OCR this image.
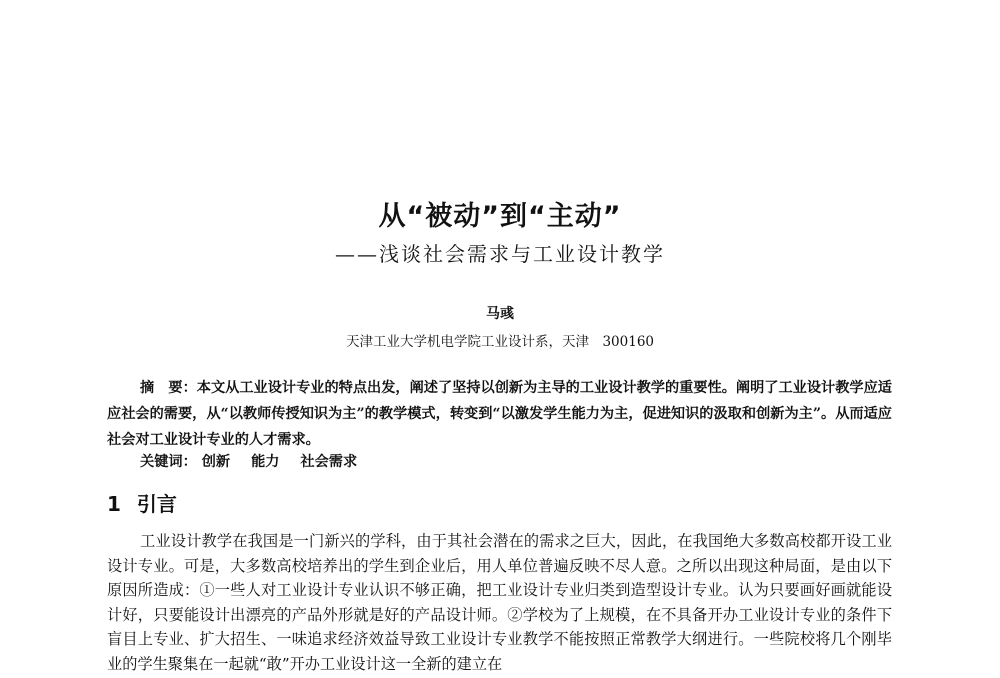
从“被动”到“主动”
——浅谈社会需求与工业设计教学
马彧
天津工业大学机电学院工业设计系，天津　300160
摘　要：本文从工业设计专业的特点出发，阐述了坚持以创新为主导的工业设计教学的重要性。阐明了工业设计教学应适应社会的需要，从“以教师传授知识为主”的教学模式，转变到“以激发学生能力为主，促进知识的汲取和创新为主”。从而适应社会对工业设计专业的人才需求。
关键词： 创新 能力 社会需求
1 引言
工业设计教学在我国是一门新兴的学科，由于其社会潜在的需求之巨大，因此，在我国绝大多数高校都开设工业设计专业。可是，大多数高校培养出的学生到企业后，用人单位普遍反映不尽人意。之所以出现这种局面，是由以下原因所造成：①一些人对工业设计专业认识不够正确，把工业设计专业归类到造型设计专业。认为只要画好画就能设计好，只要能设计出漂亮的产品外形就是好的产品设计师。②学校为了上规模，在不具备开办工业设计专业的条件下盲目上专业、扩大招生、一味追求经济效益导致工业设计专业教学不能按照正常教学大纲进行。一些院校将几个刚毕业的学生聚集在一起就“敢”开办工业设计这一全新的建立在
